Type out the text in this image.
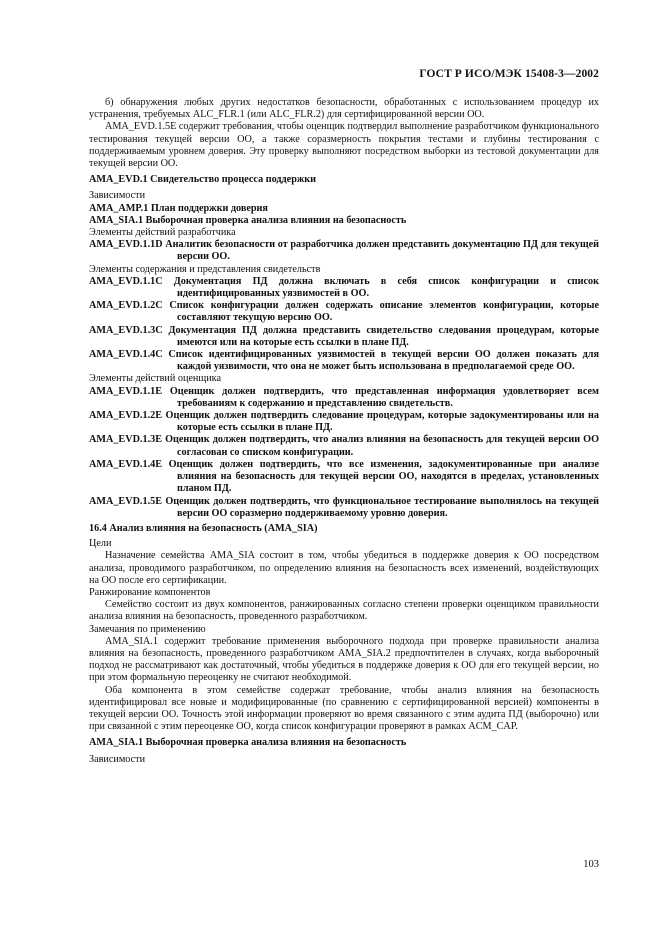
ГОСТ Р ИСО/МЭК 15408-3—2002

б) обнаружения любых других недостатков безопасности, обработанных с использованием процедур их устранения, требуемых ALC_FLR.1 (или ALC_FLR.2) для сертифицированной версии ОО.

AMA_EVD.1.5E содержит требования, чтобы оценщик подтвердил выполнение разработчиком функционального тестирования текущей версии ОО, а также соразмерность покрытия тестами и глубины тестирования с поддерживаемым уровнем доверия. Эту проверку выполняют посредством выборки из тестовой документации для текущей версии ОО.

AMA_EVD.1 Свидетельство процесса поддержки

Зависимости

AMA_AMP.1 План поддержки доверия

AMA_SIA.1 Выборочная проверка анализа влияния на безопасность

Элементы действий разработчика

AMA_EVD.1.1D Аналитик безопасности от разработчика должен представить документацию ПД для текущей версии ОО.

Элементы содержания и представления свидетельств

AMA_EVD.1.1C Документация ПД должна включать в себя список конфигурации и список идентифицированных уязвимостей в ОО.

AMA_EVD.1.2C Список конфигурации должен содержать описание элементов конфигурации, которые составляют текущую версию ОО.

AMA_EVD.1.3C Документация ПД должна представить свидетельство следования процедурам, которые имеются или на которые есть ссылки в плане ПД.

AMA_EVD.1.4C Список идентифицированных уязвимостей в текущей версии ОО должен показать для каждой уязвимости, что она не может быть использована в предполагаемой среде ОО.

Элементы действий оценщика

AMA_EVD.1.1E Оценщик должен подтвердить, что представленная информация удовлетворяет всем требованиям к содержанию и представлению свидетельств.

AMA_EVD.1.2E Оценщик должен подтвердить следование процедурам, которые задокументированы или на которые есть ссылки в плане ПД.

AMA_EVD.1.3E Оценщик должен подтвердить, что анализ влияния на безопасность для текущей версии ОО согласован со списком конфигурации.

AMA_EVD.1.4E Оценщик должен подтвердить, что все изменения, задокументированные при анализе влияния на безопасность для текущей версии ОО, находятся в пределах, установленных планом ПД.

AMA_EVD.1.5E Оценщик должен подтвердить, что функциональное тестирование выполнялось на текущей версии ОО соразмерно поддерживаемому уровню доверия.

16.4 Анализ влияния на безопасность (AMA_SIA)

Цели

Назначение семейства AMA_SIA состоит в том, чтобы убедиться в поддержке доверия к ОО посредством анализа, проводимого разработчиком, по определению влияния на безопасность всех изменений, воздействующих на ОО после его сертификации.

Ранжирование компонентов

Семейство состоит из двух компонентов, ранжированных согласно степени проверки оценщиком правильности анализа влияния на безопасность, проведенного разработчиком.

Замечания по применению

AMA_SIA.1 содержит требование применения выборочного подхода при проверке правильности анализа влияния на безопасность, проведенного разработчиком AMA_SIA.2 предпочтителен в случаях, когда выборочный подход не рассматривают как достаточный, чтобы убедиться в поддержке доверия к ОО для его текущей версии, но при этом формальную переоценку не считают необходимой.

Оба компонента в этом семействе содержат требование, чтобы анализ влияния на безопасность идентифицировал все новые и модифицированные (по сравнению с сертифицированной версией) компоненты в текущей версии ОО. Точность этой информации проверяют во время связанного с этим аудита ПД (выборочно) или при связанной с этим переоценке ОО, когда список конфигурации проверяют в рамках ACM_CAP.

AMA_SIA.1 Выборочная проверка анализа влияния на безопасность

Зависимости

103
